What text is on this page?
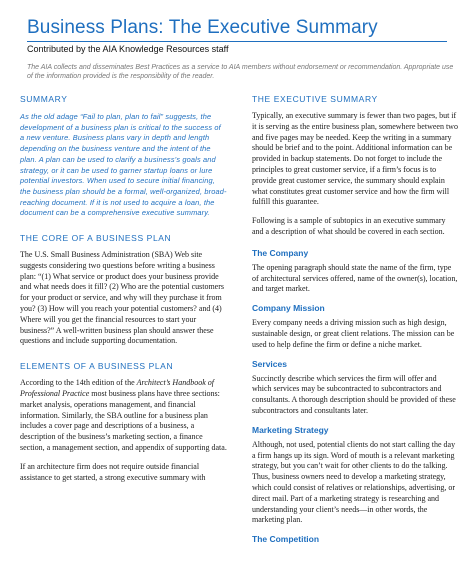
Business Plans: The Executive Summary
Contributed by the AIA Knowledge Resources staff
The AIA collects and disseminates Best Practices as a service to AIA members without endorsement or recommendation. Appropriate use of the information provided is the responsibility of the reader.
SUMMARY

As the old adage “Fail to plan, plan to fail” suggests, the development of a business plan is critical to the success of a new venture. Business plans vary in depth and length depending on the business venture and the intent of the plan. A plan can be used to clarify a business’s goals and strategy, or it can be used to garner startup loans or lure potential investors. When used to secure initial financing, the business plan should be a formal, well-organized, broad-reaching document. If it is not used to acquire a loan, the document can be a comprehensive executive summary.

THE CORE OF A BUSINESS PLAN

The U.S. Small Business Administration (SBA) Web site suggests considering two questions before writing a business plan: “(1) What service or product does your business provide and what needs does it fill? (2) Who are the potential customers for your product or service, and why will they purchase it from you? (3) How will you reach your potential customers? and (4) Where will you get the financial resources to start your business?” A well-written business plan should answer these questions and include supporting documentation.

ELEMENTS OF A BUSINESS PLAN

According to the 14th edition of the Architect’s Handbook of Professional Practice most business plans have three sections: market analysis, operations management, and financial information. Similarly, the SBA outline for a business plan includes a cover page and descriptions of a business, a description of the business’s marketing section, a finance section, a management section, and appendix of supporting data.

If an architecture firm does not require outside financial assistance to get started, a strong executive summary with

THE EXECUTIVE SUMMARY

Typically, an executive summary is fewer than two pages, but if it is serving as the entire business plan, somewhere between two and five pages may be needed. Keep the writing in a summary should be brief and to the point. Additional information can be provided in backup statements. Do not forget to include the principles to great customer service, if a firm’s focus is to provide great customer service, the summary should explain what constitutes great customer service and how the firm will fulfill this guarantee.

Following is a sample of subtopics in an executive summary and a description of what should be covered in each section.

The Company

The opening paragraph should state the name of the firm, type of architectural services offered, name of the owner(s), location, and target market.

Company Mission

Every company needs a driving mission such as high design, sustainable design, or great client relations. The mission can be used to help define the firm or define a niche market.

Services

Succinctly describe which services the firm will offer and which services may be subcontracted to subcontractors and consultants. A thorough description should be provided of these subcontractors and consultants later.

Marketing Strategy

Although, not used, potential clients do not start calling the day a firm hangs up its sign. Word of mouth is a relevant marketing strategy, but you can’t wait for other clients to do the talking. Thus, business owners need to develop a marketing strategy, which could consist of relatives or relationships, advertising, or direct mail. Part of a marketing strategy is researching and understanding your client’s needs—in other words, the marketing plan.

The Competition
